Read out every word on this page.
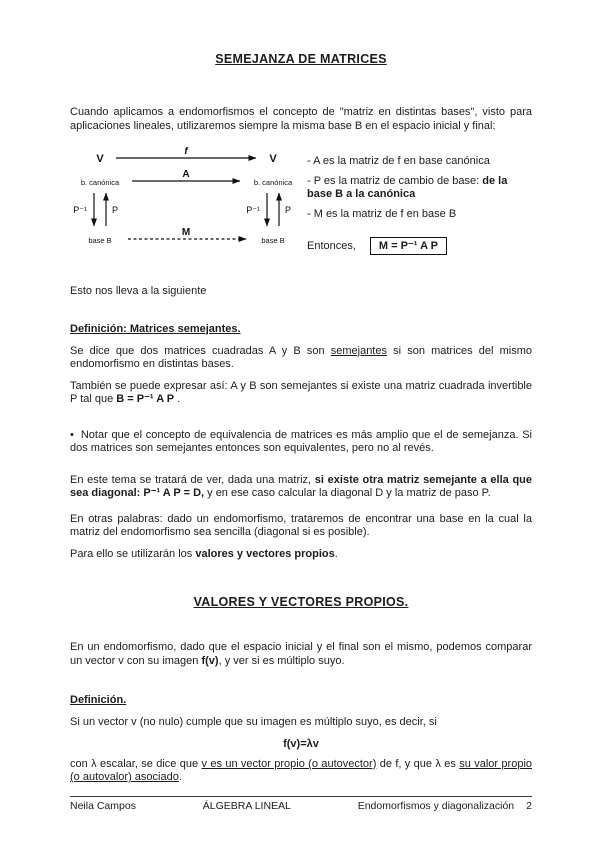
SEMEJANZA DE MATRICES

Cuando aplicamos a endomorfismos el concepto de "matriz en distintas bases", visto para aplicaciones lineales, utilizaremos siempre la misma base B en el espacio inicial y final:

V	V
f
b. canónica	b. canónica
A
P⁻¹	P	P⁻¹	P
base B	base B
M

- A es la matriz de f en base canónica

- P es la matriz de cambio de base: de la base B a la canónica

- M es la matriz de f en base B

Entonces,	M = P⁻¹ A P

Esto nos lleva a la siguiente

Definición: Matrices semejantes.

Se dice que dos matrices cuadradas A y B son semejantes si son matrices del mismo endomorfismo en distintas bases.

También se puede expresar así: A y B son semejantes si existe una matriz cuadrada invertible P tal que B = P⁻¹ A P .

• Notar que el concepto de equivalencia de matrices es más amplio que el de semejanza. Si dos matrices son semejantes entonces son equivalentes, pero no al revés.

En este tema se tratará de ver, dada una matriz, si existe otra matriz semejante a ella que sea diagonal: P⁻¹ A P = D, y en ese caso calcular la diagonal D y la matriz de paso P.

En otras palabras: dado un endomorfismo, trataremos de encontrar una base en la cual la matriz del endomorfismo sea sencilla (diagonal si es posible).

Para ello se utilizarán los valores y vectores propios.

VALORES Y VECTORES PROPIOS.

En un endomorfismo, dado que el espacio inicial y el final son el mismo, podemos comparar un vector v con su imagen f(v), y ver si es múltiplo suyo.

Definición.

Si un vector v (no nulo) cumple que su imagen es múltiplo suyo, es decir, si

f(v)=λv

con λ escalar, se dice que v es un vector propio (o autovector) de f, y que λ es su valor propio (o autovalor) asociado.

Neila Campos	ÁLGEBRA LINEAL	Endomorfismos y diagonalización 2
